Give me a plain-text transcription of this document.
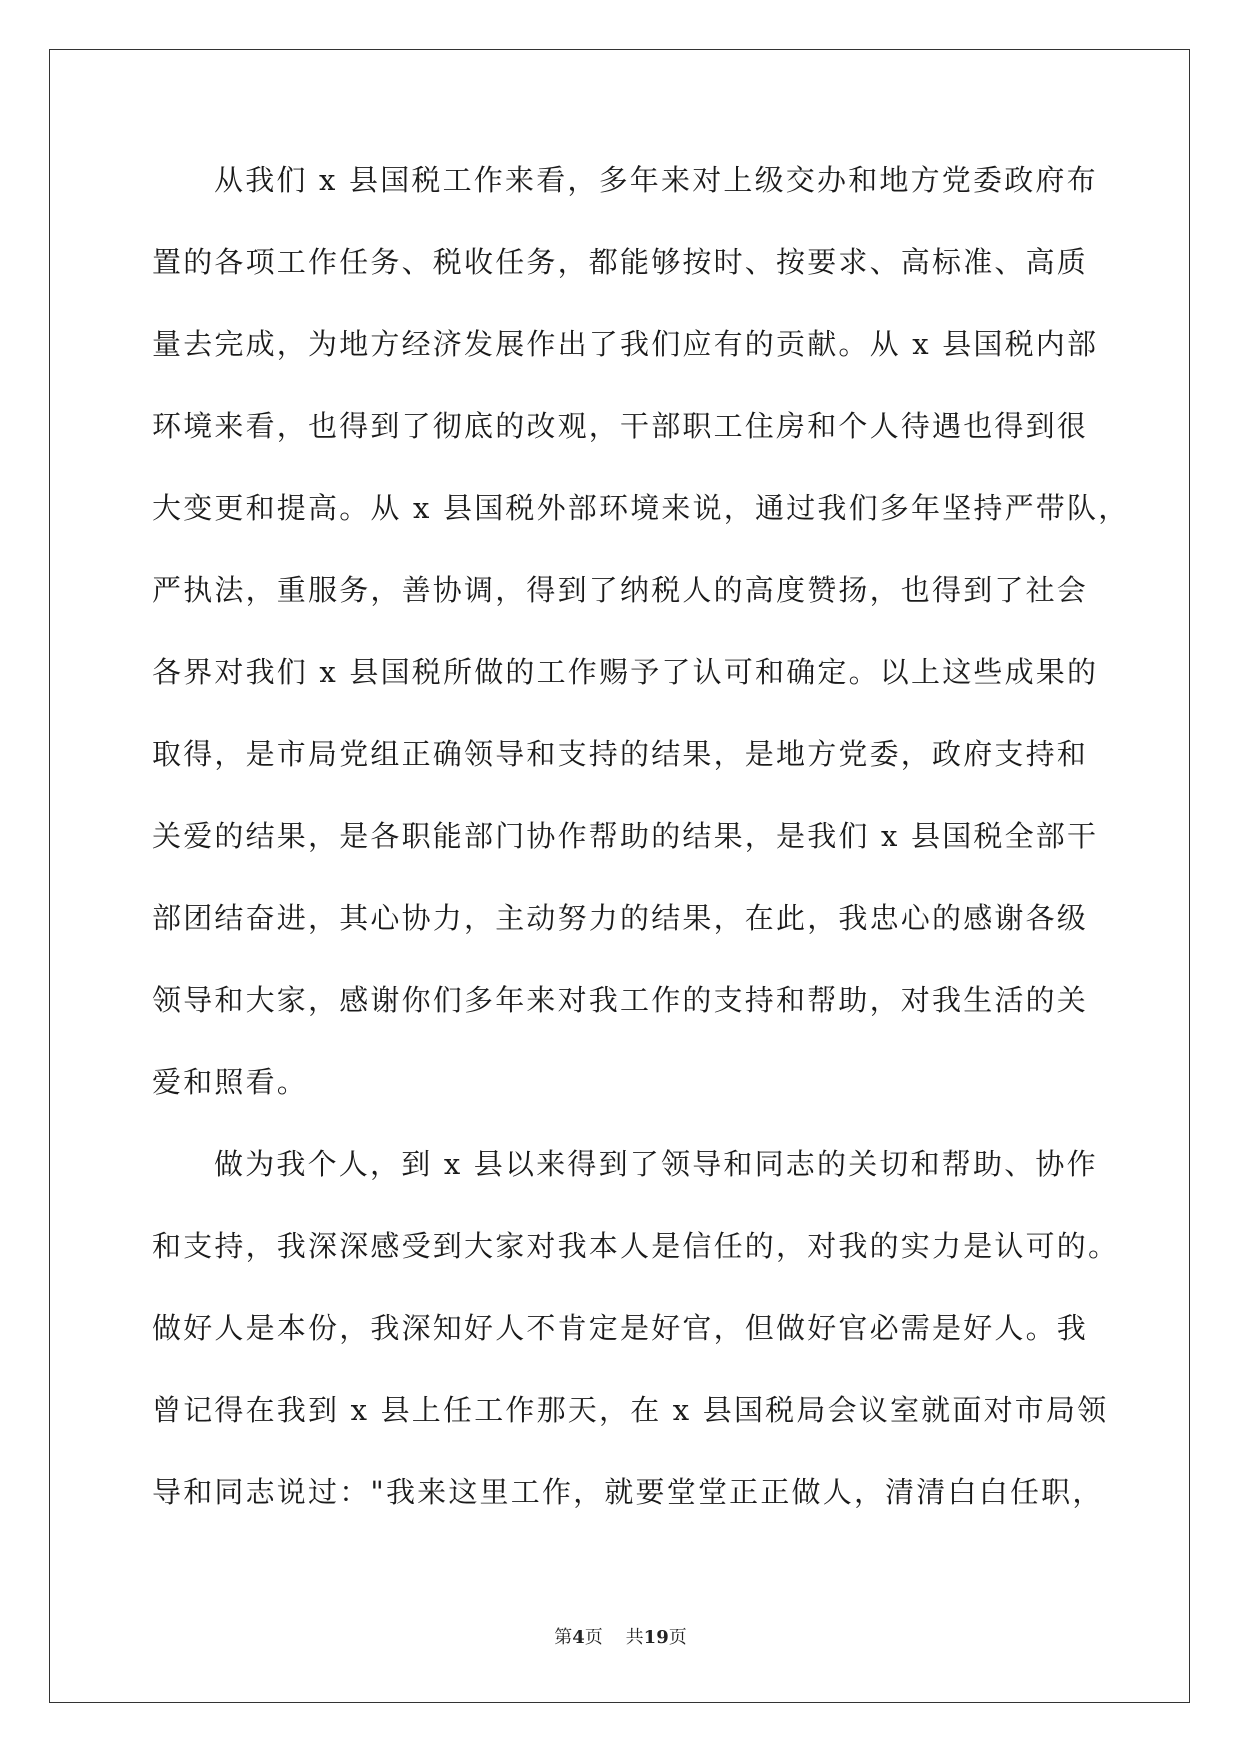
从我们 x 县国税工作来看，多年来对上级交办和地方党委政府布
置的各项工作任务、税收任务，都能够按时、按要求、高标准、高质
量去完成，为地方经济发展作出了我们应有的贡献。从 x 县国税内部
环境来看，也得到了彻底的改观，干部职工住房和个人待遇也得到很
大变更和提高。从 x 县国税外部环境来说，通过我们多年坚持严带队，
严执法，重服务，善协调，得到了纳税人的高度赞扬，也得到了社会
各界对我们 x 县国税所做的工作赐予了认可和确定。以上这些成果的
取得，是市局党组正确领导和支持的结果，是地方党委，政府支持和
关爱的结果，是各职能部门协作帮助的结果，是我们 x 县国税全部干
部团结奋进，其心协力，主动努力的结果，在此，我忠心的感谢各级
领导和大家，感谢你们多年来对我工作的支持和帮助，对我生活的关
爱和照看。
做为我个人，到 x 县以来得到了领导和同志的关切和帮助、协作
和支持，我深深感受到大家对我本人是信任的，对我的实力是认可的。
做好人是本份，我深知好人不肯定是好官，但做好官必需是好人。我
曾记得在我到 x 县上任工作那天，在 x 县国税局会议室就面对市局领
导和同志说过："我来这里工作，就要堂堂正正做人，清清白白任职，
第4页 共19页
